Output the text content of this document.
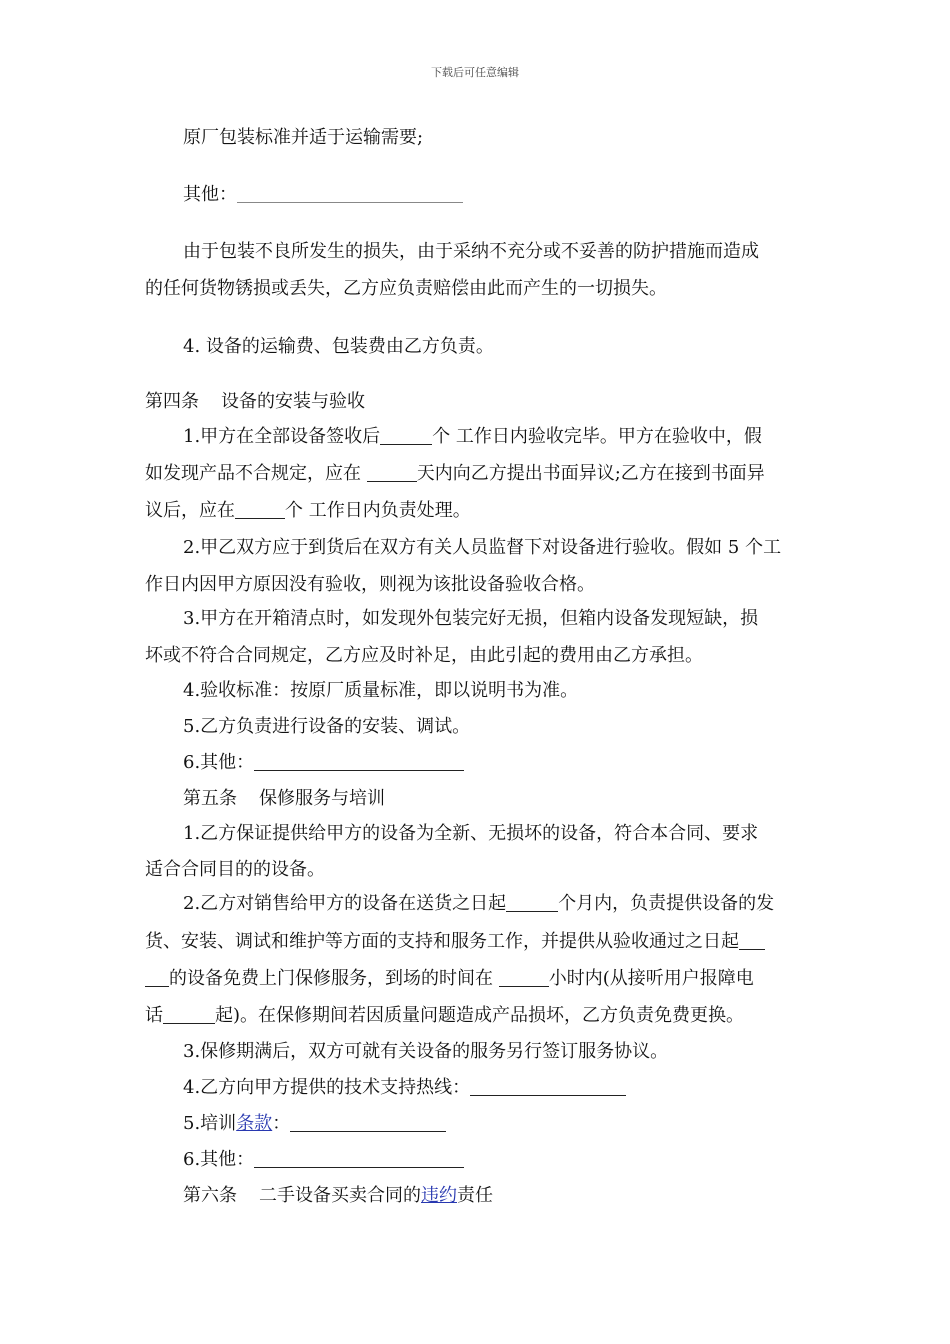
下载后可任意编辑
原厂包装标准并适于运输需要;
其他：
由于包装不良所发生的损失，由于采纳不充分或不妥善的防护措施而造成
的任何货物锈损或丢失，乙方应负责赔偿由此而产生的一切损失。
4. 设备的运输费、包装费由乙方负责。
第四条 设备的安装与验收
1.甲方在全部设备签收后	个 工作日内验收完毕。甲方在验收中，假
如发现产品不合规定，应在	天内向乙方提出书面异议;乙方在接到书面异
议后，应在	个 工作日内负责处理。
2.甲乙双方应于到货后在双方有关人员监督下对设备进行验收。假如 5 个工
作日内因甲方原因没有验收，则视为该批设备验收合格。
3.甲方在开箱清点时，如发现外包装完好无损，但箱内设备发现短缺，损
坏或不符合合同规定，乙方应及时补足，由此引起的费用由乙方承担。
4.验收标准：按原厂质量标准，即以说明书为准。
5.乙方负责进行设备的安装、调试。
6.其他：
第五条 保修服务与培训
1.乙方保证提供给甲方的设备为全新、无损坏的设备，符合本合同、要求
适合合同目的的设备。
2.乙方对销售给甲方的设备在送货之日起	个月内，负责提供设备的发
货、安装、调试和维护等方面的支持和服务工作，并提供从验收通过之日起
的设备免费上门保修服务，到场的时间在	小时内(从接听用户报障电
话	起)。在保修期间若因质量问题造成产品损坏，乙方负责免费更换。
3.保修期满后，双方可就有关设备的服务另行签订服务协议。
4.乙方向甲方提供的技术支持热线：
5.培训条款：
6.其他：
第六条 二手设备买卖合同的违约责任
